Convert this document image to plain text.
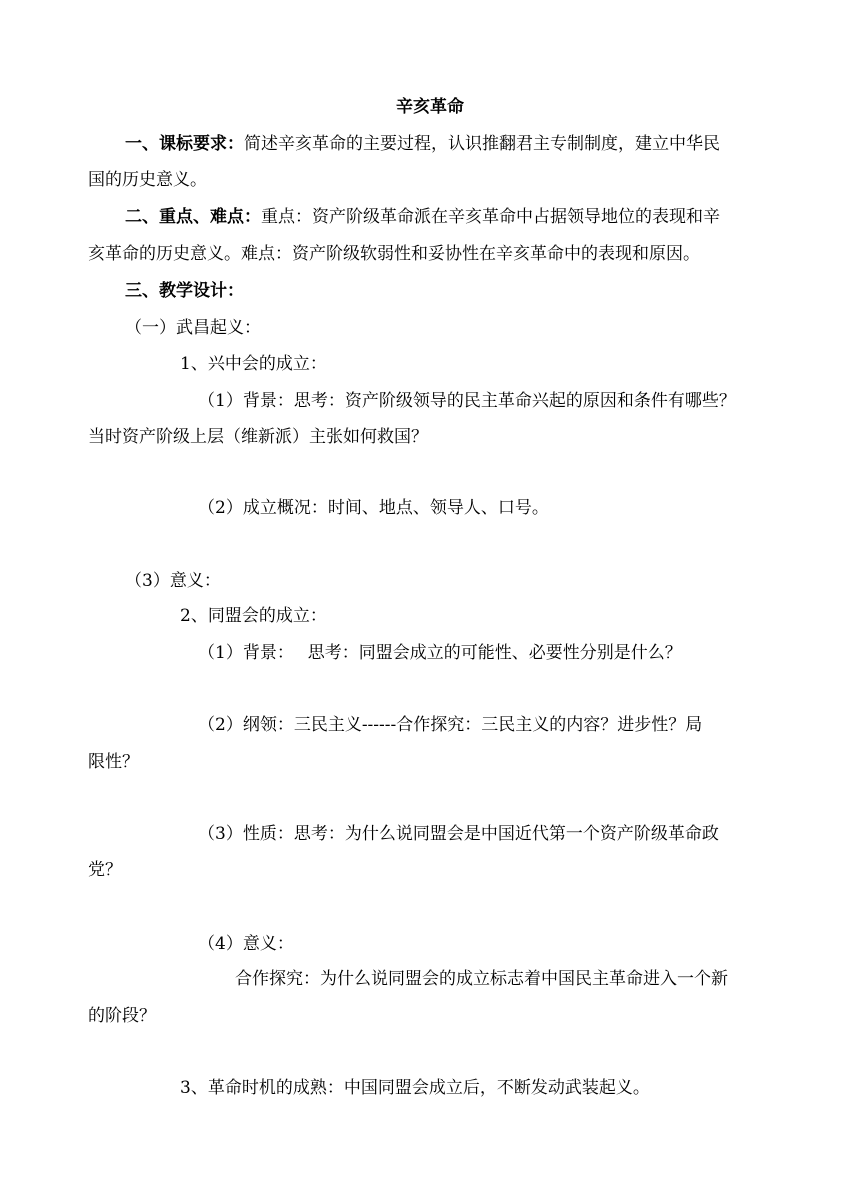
辛亥革命
一、课标要求：简述辛亥革命的主要过程，认识推翻君主专制制度，建立中华民
国的历史意义。
二、重点、难点：重点：资产阶级革命派在辛亥革命中占据领导地位的表现和辛
亥革命的历史意义。难点：资产阶级软弱性和妥协性在辛亥革命中的表现和原因。
三、教学设计：
（一）武昌起义：
1、兴中会的成立：
（1）背景：思考：资产阶级领导的民主革命兴起的原因和条件有哪些？
当时资产阶级上层（维新派）主张如何救国？
（2）成立概况：时间、地点、领导人、口号。
（3）意义：
2、同盟会的成立：
（1）背景：　 思考：同盟会成立的可能性、必要性分别是什么？
（2）纲领：三民主义------合作探究：三民主义的内容？进步性？局
限性？
（3）性质：思考：为什么说同盟会是中国近代第一个资产阶级革命政
党？
（4）意义：
合作探究：为什么说同盟会的成立标志着中国民主革命进入一个新
的阶段？
3、革命时机的成熟：中国同盟会成立后，不断发动武装起义。
